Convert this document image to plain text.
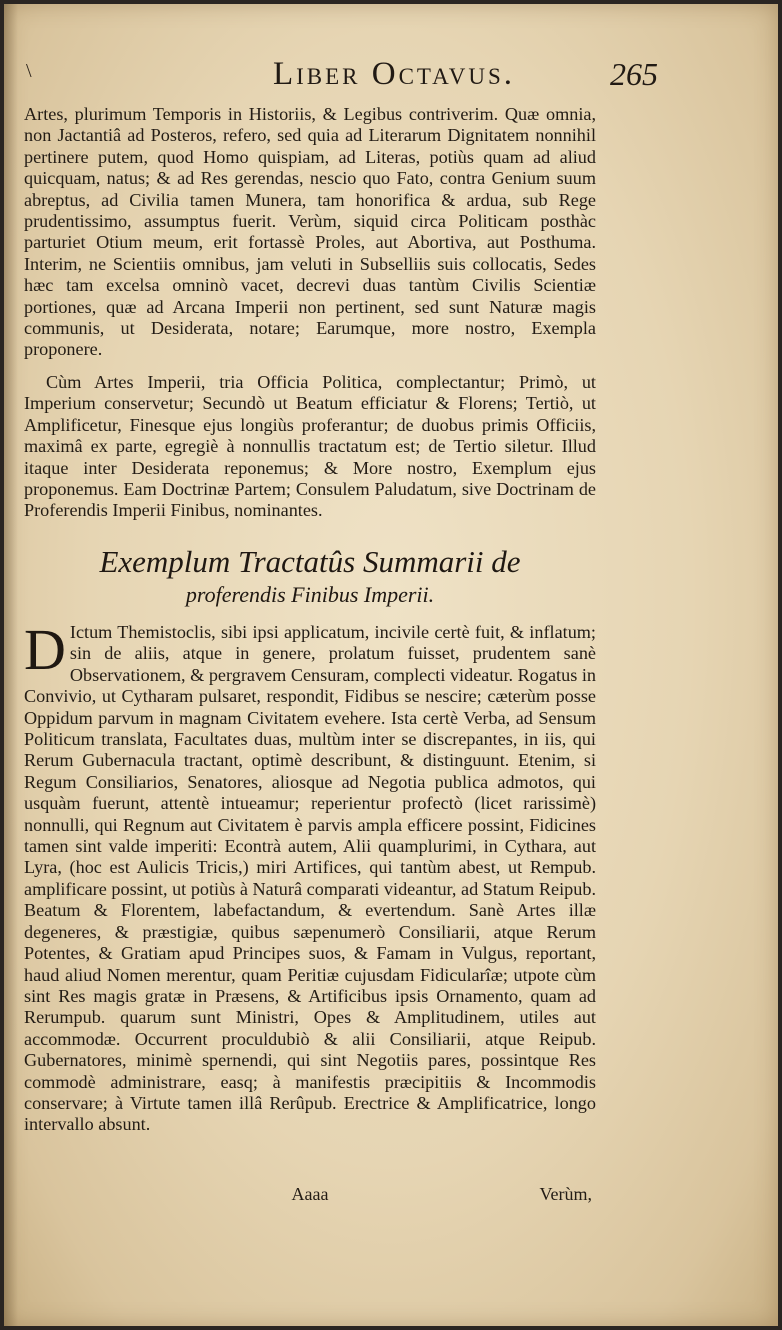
\	Liber Octavus.	265

Artes, plurimum Temporis in Historiis, & Legibus contriverim. Quæ omnia, non Jactantiâ ad Posteros, refero, sed quia ad Literarum Dignitatem nonnihil pertinere putem, quod Homo quispiam, ad Literas, potiùs quam ad aliud quicquam, natus; & ad Res gerendas, nescio quo Fato, contra Genium suum abreptus, ad Civilia tamen Munera, tam honorifica & ardua, sub Rege prudentissimo, assumptus fuerit. Verùm, siquid circa Politicam posthàc parturiet Otium meum, erit fortassè Proles, aut Abortiva, aut Posthuma. Interim, ne Scientiis omnibus, jam veluti in Subselliis suis collocatis, Sedes hæc tam excelsa omninò vacet, decrevi duas tantùm Civilis Scientiæ portiones, quæ ad Arcana Imperii non pertinent, sed sunt Naturæ magis communis, ut Desiderata, notare; Earumque, more nostro, Exempla proponere.

Cùm Artes Imperii, tria Officia Politica, complectantur; Primò, ut Imperium conservetur; Secundò ut Beatum efficiatur & Florens; Tertiò, ut Amplificetur, Finesque ejus longiùs proferantur; de duobus primis Officiis, maximâ ex parte, egregiè à nonnullis tractatum est; de Tertio siletur. Illud itaque inter Desiderata reponemus; & More nostro, Exemplum ejus proponemus. Eam Doctrinæ Partem; Consulem Paludatum, sive Doctrinam de Proferendis Imperii Finibus, nominantes.

Exemplum Tractatûs Summarii de
proferendis Finibus Imperii.
D Ictum Themistoclis, sibi ipsi applicatum, incivile certè fuit, & inflatum; sin de aliis, atque in genere, prolatum fuisset, prudentem sanè Observationem, & pergravem Censuram, complecti videatur. Rogatus in Convivio, ut Cytharam pulsaret, respondit, Fidibus se nescire; cæterùm posse Oppidum parvum in magnam Civitatem evehere. Ista certè Verba, ad Sensum Politicum translata, Facultates duas, multùm inter se discrepantes, in iis, qui Rerum Gubernacula tractant, optimè describunt, & distinguunt. Etenim, si Regum Consiliarios, Senatores, aliosque ad Negotia publica admotos, qui usquàm fuerunt, attentè intueamur; reperientur profectò (licet rarissimè) nonnulli, qui Regnum aut Civitatem è parvis ampla efficere possint, Fidicines tamen sint valde imperiti: Econtrà autem, Alii quamplurimi, in Cythara, aut Lyra, (hoc est Aulicis Tricis,) miri Artifices, qui tantùm abest, ut Rempub. amplificare possint, ut potiùs à Naturâ comparati videantur, ad Statum Reipub. Beatum & Florentem, labefactandum, & evertendum. Sanè Artes illæ degeneres, & præstigiæ, quibus sæpenumerò Consiliarii, atque Rerum Potentes, & Gratiam apud Principes suos, & Famam in Vulgus, reportant, haud aliud Nomen merentur, quam Peritiæ cujusdam Fidicularîæ; utpote cùm sint Res magis gratæ in Præsens, & Artificibus ipsis Ornamento, quam ad Rerumpub. quarum sunt Ministri, Opes & Amplitudinem, utiles aut accommodæ. Occurrent proculdubiò & alii Consiliarii, atque Reipub. Gubernatores, minimè spernendi, qui sint Negotiis pares, possintque Res commodè administrare, easq; à manifestis præcipitiis & Incommodis conservare; à Virtute tamen illâ Rerûpub. Erectrice & Amplificatrice, longo intervallo absunt.

Aaaa	Verùm,
